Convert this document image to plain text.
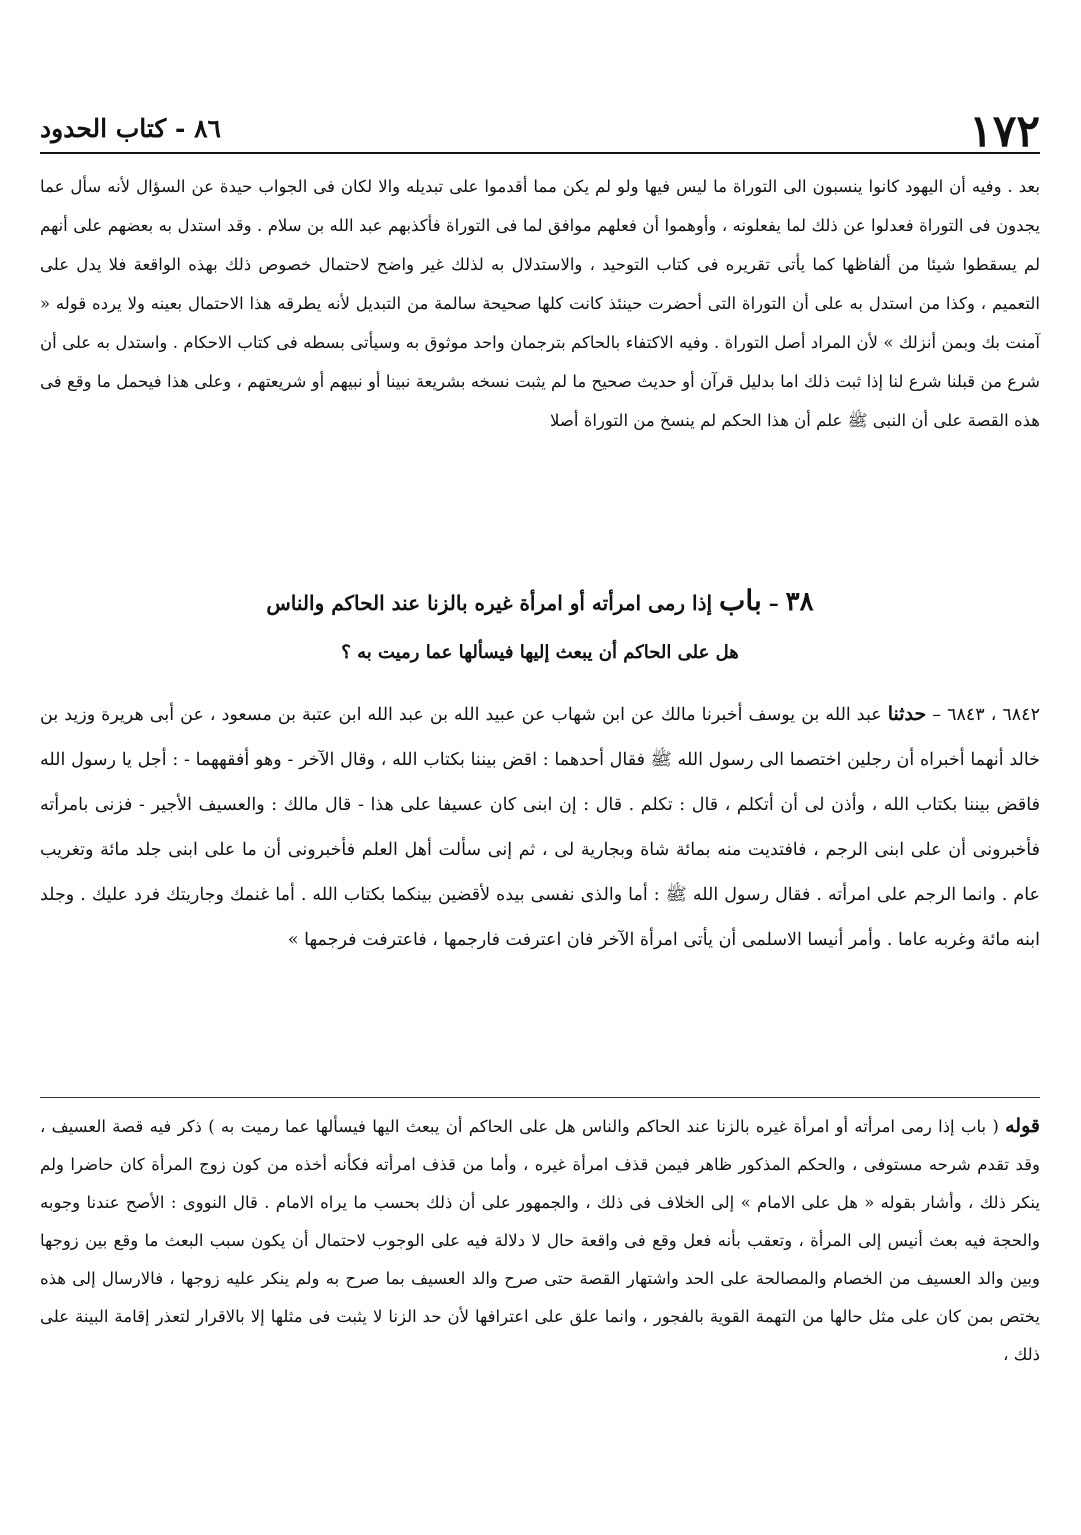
١٧٢
٨٦ - كتاب الحدود

بعد . وفيه أن اليهود كانوا ينسبون الى التوراة ما ليس فيها ولو لم يكن مما أقدموا على تبديله والا لكان فى الجواب حيدة عن السؤال لأنه سأل عما يجدون فى التوراة فعدلوا عن ذلك لما يفعلونه ، وأوهموا أن فعلهم موافق لما فى التوراة فأكذبهم عبد الله بن سلام . وقد استدل به بعضهم على أنهم لم يسقطوا شيئا من ألفاظها كما يأتى تقريره فى كتاب التوحيد ، والاستدلال به لذلك غير واضح لاحتمال خصوص ذلك بهذه الواقعة فلا يدل على التعميم ، وكذا من استدل به على أن التوراة التى أحضرت حينئذ كانت كلها صحيحة سالمة من التبديل لأنه يطرقه هذا الاحتمال بعينه ولا يرده قوله « آمنت بك وبمن أنزلك » لأن المراد أصل التوراة . وفيه الاكتفاء بالحاكم بترجمان واحد موثوق به وسيأتى بسطه فى كتاب الاحكام . واستدل به على أن شرع من قبلنا شرع لنا إذا ثبت ذلك اما بدليل قرآن أو حديث صحيح ما لم يثبت نسخه بشريعة نبينا أو نبيهم أو شريعتهم ، وعلى هذا فيحمل ما وقع فى هذه القصة على أن النبى ﷺ علم أن هذا الحكم لم ينسخ من التوراة أصلا

٣٨ – باب إذا رمى امرأته أو امرأة غيره بالزنا عند الحاكم والناس
هل على الحاكم أن يبعث إليها فيسألها عما رميت به ؟

٦٨٤٢ ، ٦٨٤٣ – حدثنا عبد الله بن يوسف أخبرنا مالك عن ابن شهاب عن عبيد الله بن عبد الله ابن عتبة بن مسعود ، عن أبى هريرة وزيد بن خالد أنهما أخبراه أن رجلين اختصما الى رسول الله ﷺ فقال أحدهما : اقض بيننا بكتاب الله ، وقال الآخر - وهو أفقههما - : أجل يا رسول الله فاقض بيننا بكتاب الله ، وأذن لى أن أتكلم ، قال : تكلم . قال : إن ابنى كان عسيفا على هذا - قال مالك : والعسيف الأجير - فزنى بامرأته فأخبرونى أن على ابنى الرجم ، فافتديت منه بمائة شاة وبجارية لى ، ثم إنى سألت أهل العلم فأخبرونى أن ما على ابنى جلد مائة وتغريب عام . وانما الرجم على امرأته . فقال رسول الله ﷺ : أما والذى نفسى بيده لأقضين بينكما بكتاب الله . أما غنمك وجاريتك فرد عليك . وجلد ابنه مائة وغربه عاما . وأمر أنيسا الاسلمى أن يأتى امرأة الآخر فان اعترفت فارجمها ، فاعترفت فرجمها »

قوله ( باب إذا رمى امرأته أو امرأة غيره بالزنا عند الحاكم والناس هل على الحاكم أن يبعث اليها فيسألها عما رميت به ) ذكر فيه قصة العسيف ، وقد تقدم شرحه مستوفى ، والحكم المذكور ظاهر فيمن قذف امرأة غيره ، وأما من قذف امرأته فكأنه أخذه من كون زوج المرأة كان حاضرا ولم ينكر ذلك ، وأشار بقوله « هل على الامام » إلى الخلاف فى ذلك ، والجمهور على أن ذلك بحسب ما يراه الامام . قال النووى : الأصح عندنا وجوبه والحجة فيه بعث أنيس إلى المرأة ، وتعقب بأنه فعل وقع فى واقعة حال لا دلالة فيه على الوجوب لاحتمال أن يكون سبب البعث ما وقع بين زوجها وبين والد العسيف من الخصام والمصالحة على الحد واشتهار القصة حتى صرح والد العسيف بما صرح به ولم ينكر عليه زوجها ، فالارسال إلى هذه يختص بمن كان على مثل حالها من التهمة القوية بالفجور ، وانما علق على اعترافها لأن حد الزنا لا يثبت فى مثلها إلا بالاقرار لتعذر إقامة البينة على ذلك ،
